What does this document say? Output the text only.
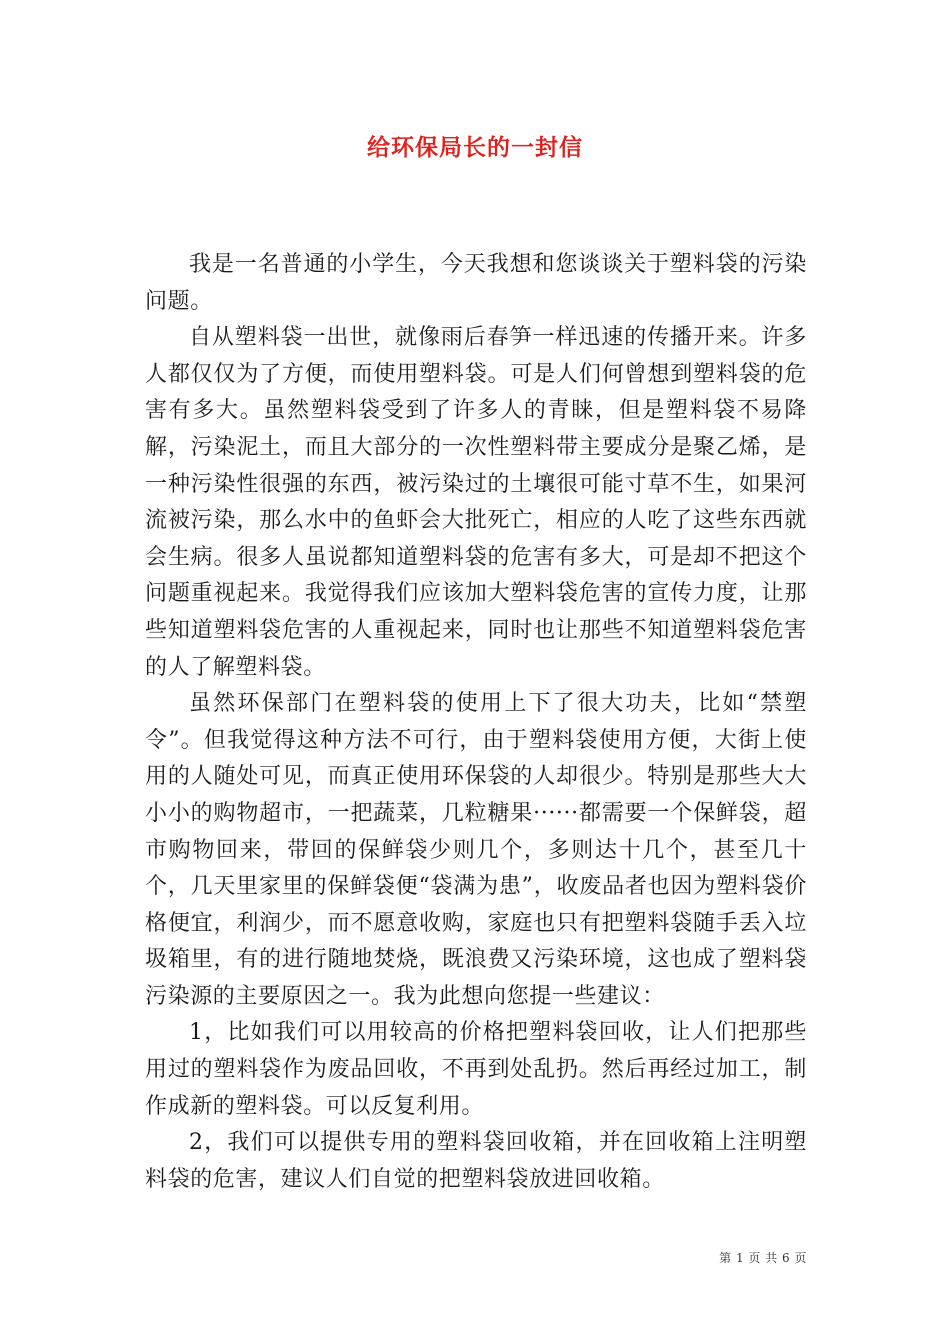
给环保局长的一封信

我是一名普通的小学生，今天我想和您谈谈关于塑料袋的污染问题。

自从塑料袋一出世，就像雨后春笋一样迅速的传播开来。许多人都仅仅为了方便，而使用塑料袋。可是人们何曾想到塑料袋的危害有多大。虽然塑料袋受到了许多人的青睐，但是塑料袋不易降解，污染泥土，而且大部分的一次性塑料带主要成分是聚乙烯，是一种污染性很强的东西，被污染过的土壤很可能寸草不生，如果河流被污染，那么水中的鱼虾会大批死亡，相应的人吃了这些东西就会生病。很多人虽说都知道塑料袋的危害有多大，可是却不把这个问题重视起来。我觉得我们应该加大塑料袋危害的宣传力度，让那些知道塑料袋危害的人重视起来，同时也让那些不知道塑料袋危害的人了解塑料袋。

虽然环保部门在塑料袋的使用上下了很大功夫，比如“禁塑令”。但我觉得这种方法不可行，由于塑料袋使用方便，大街上使用的人随处可见，而真正使用环保袋的人却很少。特别是那些大大小小的购物超市，一把蔬菜，几粒糖果······都需要一个保鲜袋，超市购物回来，带回的保鲜袋少则几个，多则达十几个，甚至几十个，几天里家里的保鲜袋便“袋满为患”，收废品者也因为塑料袋价格便宜，利润少，而不愿意收购，家庭也只有把塑料袋随手丢入垃圾箱里，有的进行随地焚烧，既浪费又污染环境，这也成了塑料袋污染源的主要原因之一。我为此想向您提一些建议：

1，比如我们可以用较高的价格把塑料袋回收，让人们把那些用过的塑料袋作为废品回收，不再到处乱扔。然后再经过加工，制作成新的塑料袋。可以反复利用。

2，我们可以提供专用的塑料袋回收箱，并在回收箱上注明塑料袋的危害，建议人们自觉的把塑料袋放进回收箱。

第 1 页 共 6 页
